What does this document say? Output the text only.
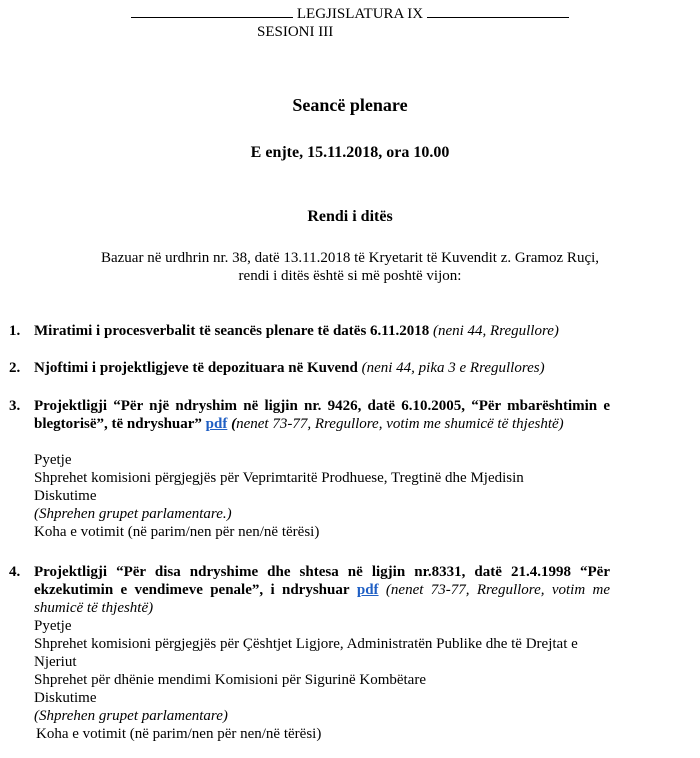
LEGJISLATURA IX
SESIONI III
Seancë plenare
E enjte, 15.11.2018, ora 10.00
Rendi i ditës
Bazuar në urdhrin nr. 38, datë 13.11.2018 të Kryetarit të Kuvendit z. Gramoz Ruçi,
rendi i ditës është si më poshtë vijon:
1. Miratimi i procesverbalit të seancës plenare të datës 6.11.2018 (neni 44, Rregullore)
2. Njoftimi i projektligjeve të depozituara në Kuvend (neni 44, pika 3 e Rregullores)
3. Projektligji “Për një ndryshim në ligjin nr. 9426, datë 6.10.2005, “Për mbarështimin e blegtorisë”, të ndryshuar” pdf (nenet 73-77, Rregullore, votim me shumicë të thjeshtë)
Pyetje
Shprehet komisioni përgjegjës për Veprimtaritë Prodhuese, Tregtinë dhe Mjedisin
Diskutime
(Shprehen grupet parlamentare.)
Koha e votimit (në parim/nen për nen/në tërësi)
4. Projektligji “Për disa ndryshime dhe shtesa në ligjin nr.8331, datë 21.4.1998 “Për ekzekutimin e vendimeve penale”, i ndryshuar pdf (nenet 73-77, Rregullore, votim me shumicë të thjeshtë)
Pyetje
Shprehet komisioni përgjegjës për Çështjet Ligjore, Administratën Publike dhe të Drejtat e Njeriut
Shprehet për dhënie mendimi Komisioni për Sigurinë Kombëtare
Diskutime
(Shprehen grupet parlamentare)
Koha e votimit (në parim/nen për nen/në tërësi)
